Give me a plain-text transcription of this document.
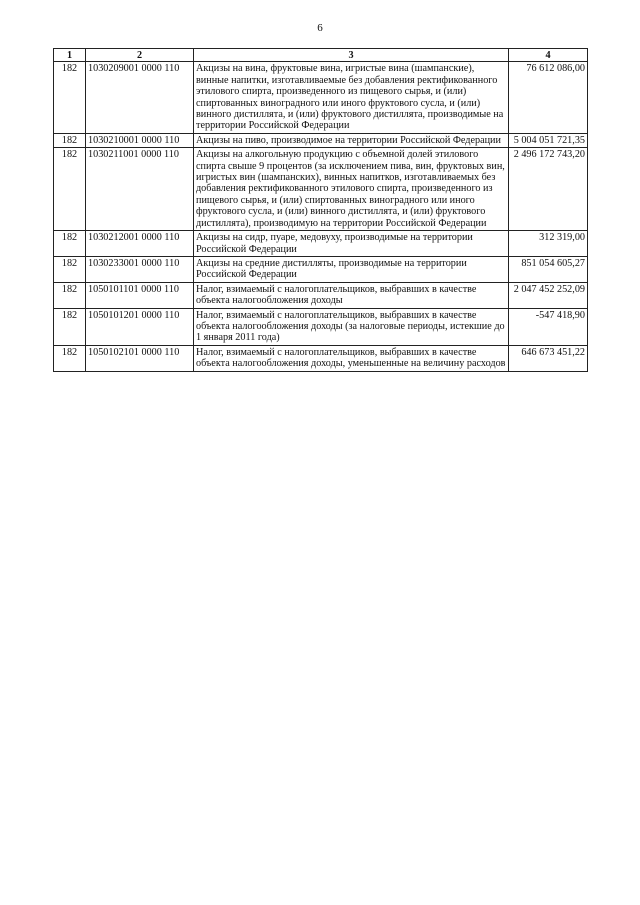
6
1	2	3	4
182	1030209001 0000 110	Акцизы на вина, фруктовые вина, игристые вина (шампанские), винные напитки, изготавливаемые без добавления ректификованного этилового спирта, произведенного из пищевого сырья, и (или) спиртованных виноградного или иного фруктового сусла, и (или) винного дистиллята, и (или) фруктового дистиллята, производимые на территории Российской Федерации	76 612 086,00
182	1030210001 0000 110	Акцизы на пиво, производимое на территории Российской Федерации	5 004 051 721,35
182	1030211001 0000 110	Акцизы на алкогольную продукцию с объемной долей этилового спирта свыше 9 процентов (за исключением пива, вин, фруктовых вин, игристых вин (шампанских), винных напитков, изготавливаемых без добавления ректификованного этилового спирта, произведенного из пищевого сырья, и (или) спиртованных виноградного или иного фруктового сусла, и (или) винного дистиллята, и (или) фруктового дистиллята), производимую на территории Российской Федерации	2 496 172 743,20
182	1030212001 0000 110	Акцизы на сидр, пуаре, медовуху, производимые на территории Российской Федерации	312 319,00
182	1030233001 0000 110	Акцизы на средние дистилляты, производимые на территории Российской Федерации	851 054 605,27
182	1050101101 0000 110	Налог, взимаемый с налогоплательщиков, выбравших в качестве объекта налогообложения доходы	2 047 452 252,09
182	1050101201 0000 110	Налог, взимаемый с налогоплательщиков, выбравших в качестве объекта налогообложения доходы (за налоговые периоды, истекшие до 1 января 2011 года)	-547 418,90
182	1050102101 0000 110	Налог, взимаемый с налогоплательщиков, выбравших в качестве объекта налогообложения доходы, уменьшенные на величину расходов	646 673 451,22
